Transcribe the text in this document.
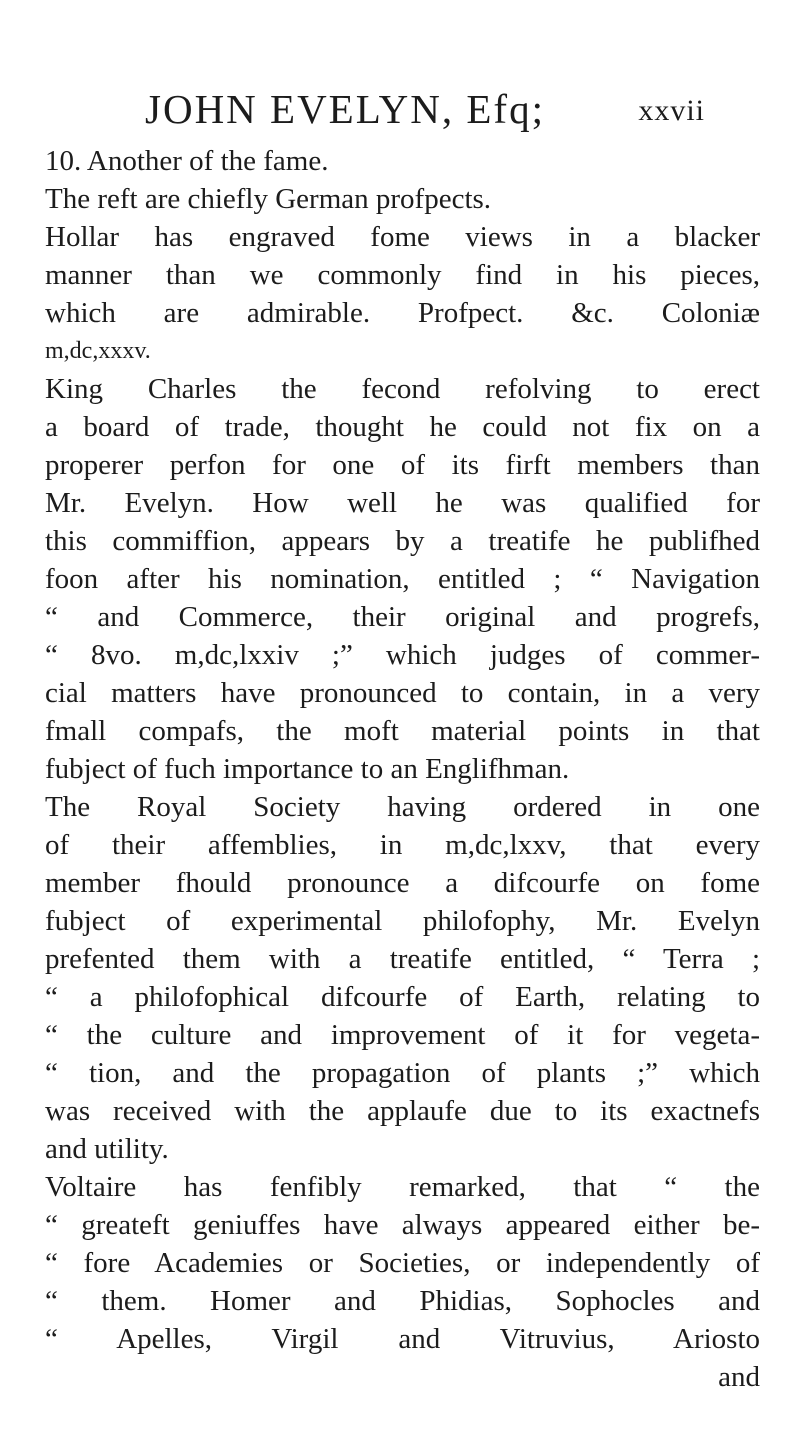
JOHN EVELYN, Efq;	xxvii
10. Another of the fame.
The reft are chiefly German profpects.
Hollar has engraved fome views in a blacker
manner than we commonly find in his pieces,
which are admirable. Profpect. &c. Coloniæ
m,dc,xxxv.
King Charles the fecond refolving to erect
a board of trade, thought he could not fix on a
properer perfon for one of its firft members than
Mr. Evelyn. How well he was qualified for
this commiffion, appears by a treatife he publifhed
foon after his nomination, entitled ; “ Navigation
“ and Commerce, their original and progrefs,
“ 8vo. m,dc,lxxiv ;” which judges of commer-
cial matters have pronounced to contain, in a very
fmall compafs, the moft material points in that
fubject of fuch importance to an Englifhman.
The Royal Society having ordered in one
of their affemblies, in m,dc,lxxv, that every
member fhould pronounce a difcourfe on fome
fubject of experimental philofophy, Mr. Evelyn
prefented them with a treatife entitled, “ Terra ;
“ a philofophical difcourfe of Earth, relating to
“ the culture and improvement of it for vegeta-
“ tion, and the propagation of plants ;” which
was received with the applaufe due to its exactnefs
and utility.
Voltaire has fenfibly remarked, that “ the
“ greateft geniuffes have always appeared either be-
“ fore Academies or Societies, or independently of
“ them. Homer and Phidias, Sophocles and
“ Apelles, Virgil and Vitruvius, Ariosto
and
